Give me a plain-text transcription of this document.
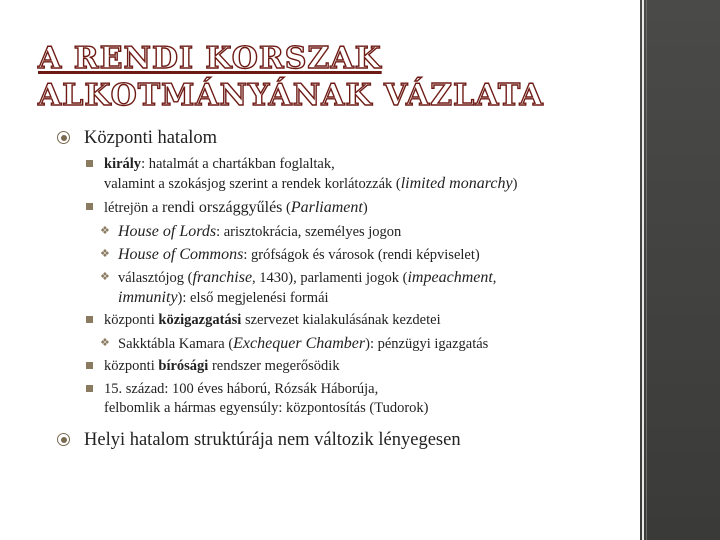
A RENDI KORSZAK
ALKOTMÁNYÁNAK VÁZLATA
Központi hatalom
király: hatalmát a chartákban foglaltak,
valamint a szokásjog szerint a rendek korlátozzák (limited monarchy)
létrejön a rendi országgyűlés (Parliament)
❖ House of Lords: arisztokrácia, személyes jogon
❖ House of Commons: grófságok és városok (rendi képviselet)
❖ választójog (franchise, 1430), parlamenti jogok (impeachment,
immunity): első megjelenési formái
központi közigazgatási szervezet kialakulásának kezdetei
❖ Sakktábla Kamara (Exchequer Chamber): pénzügyi igazgatás
központi bírósági rendszer megerősödik
15. század: 100 éves háború, Rózsák Háborúja,
felbomlik a hármas egyensúly: központosítás (Tudorok)
Helyi hatalom struktúrája nem változik lényegesen
